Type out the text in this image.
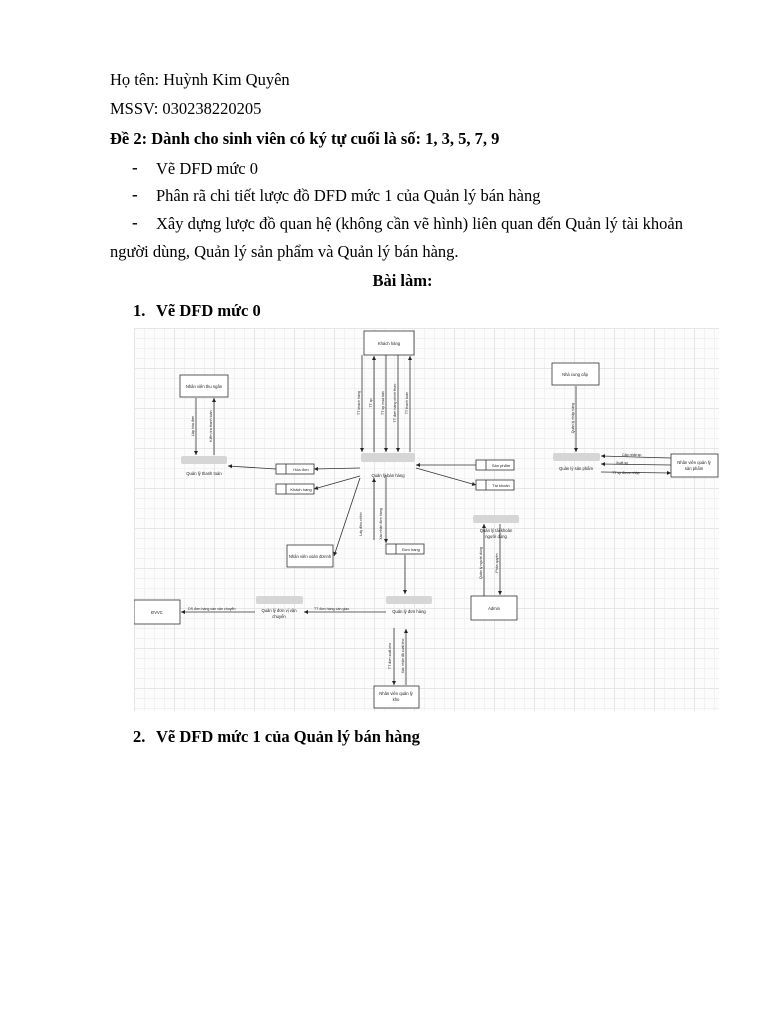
Họ tên: Huỳnh Kim Quyên
MSSV: 030238220205
Đề 2: Dành cho sinh viên có ký tự cuối là số: 1, 3, 5, 7, 9
- Vẽ DFD mức 0
- Phân rã chi tiết lược đồ DFD mức 1 của Quản lý bán hàng
- Xây dựng lược đồ quan hệ (không cần vẽ hình) liên quan đến Quản lý tài khoản
người dùng, Quản lý sản phẩm và Quản lý bán hàng.
Bài làm:
1. Vẽ DFD mức 0
Khách hàng
Nhân viên thu ngân
Nhà cung cấp
Nhân viên quản lý
sản phẩm
Nhân viên xoán đơnnh
ĐVVC
Admin
Nhân viên quản lý
kho
Quản lý thanh toán	Quản lý bán hàng
Quản lý sản phẩm
Quản lý tài khoản
người dùng
Quản lý đơn vị vận
chuyển
Quản lý đơn hàng
Hóa đơn
Khách hàng
Sản phẩm
Tài khoản
Đơn hàng
TT khách hàng TT sp TT sp mua bán TT đơn hàng chính thức TT thanh toán
Lập hóa đơn	Kiểm tra thanh toán	Quản lý nhập hàng
Cập nhật sp
Xuất sp
TT sp được nhập
Lấy điều chỉnh	Xác nhận đơn hàng
Quản lý người dùng	Phân quyền
DS đơn hàng cần vận chuyển	TT đơn hàng cần giao
TT đơn xuất kho	Xác nhận đã xuất kho
2. Vẽ DFD mức 1 của Quản lý bán hàng
